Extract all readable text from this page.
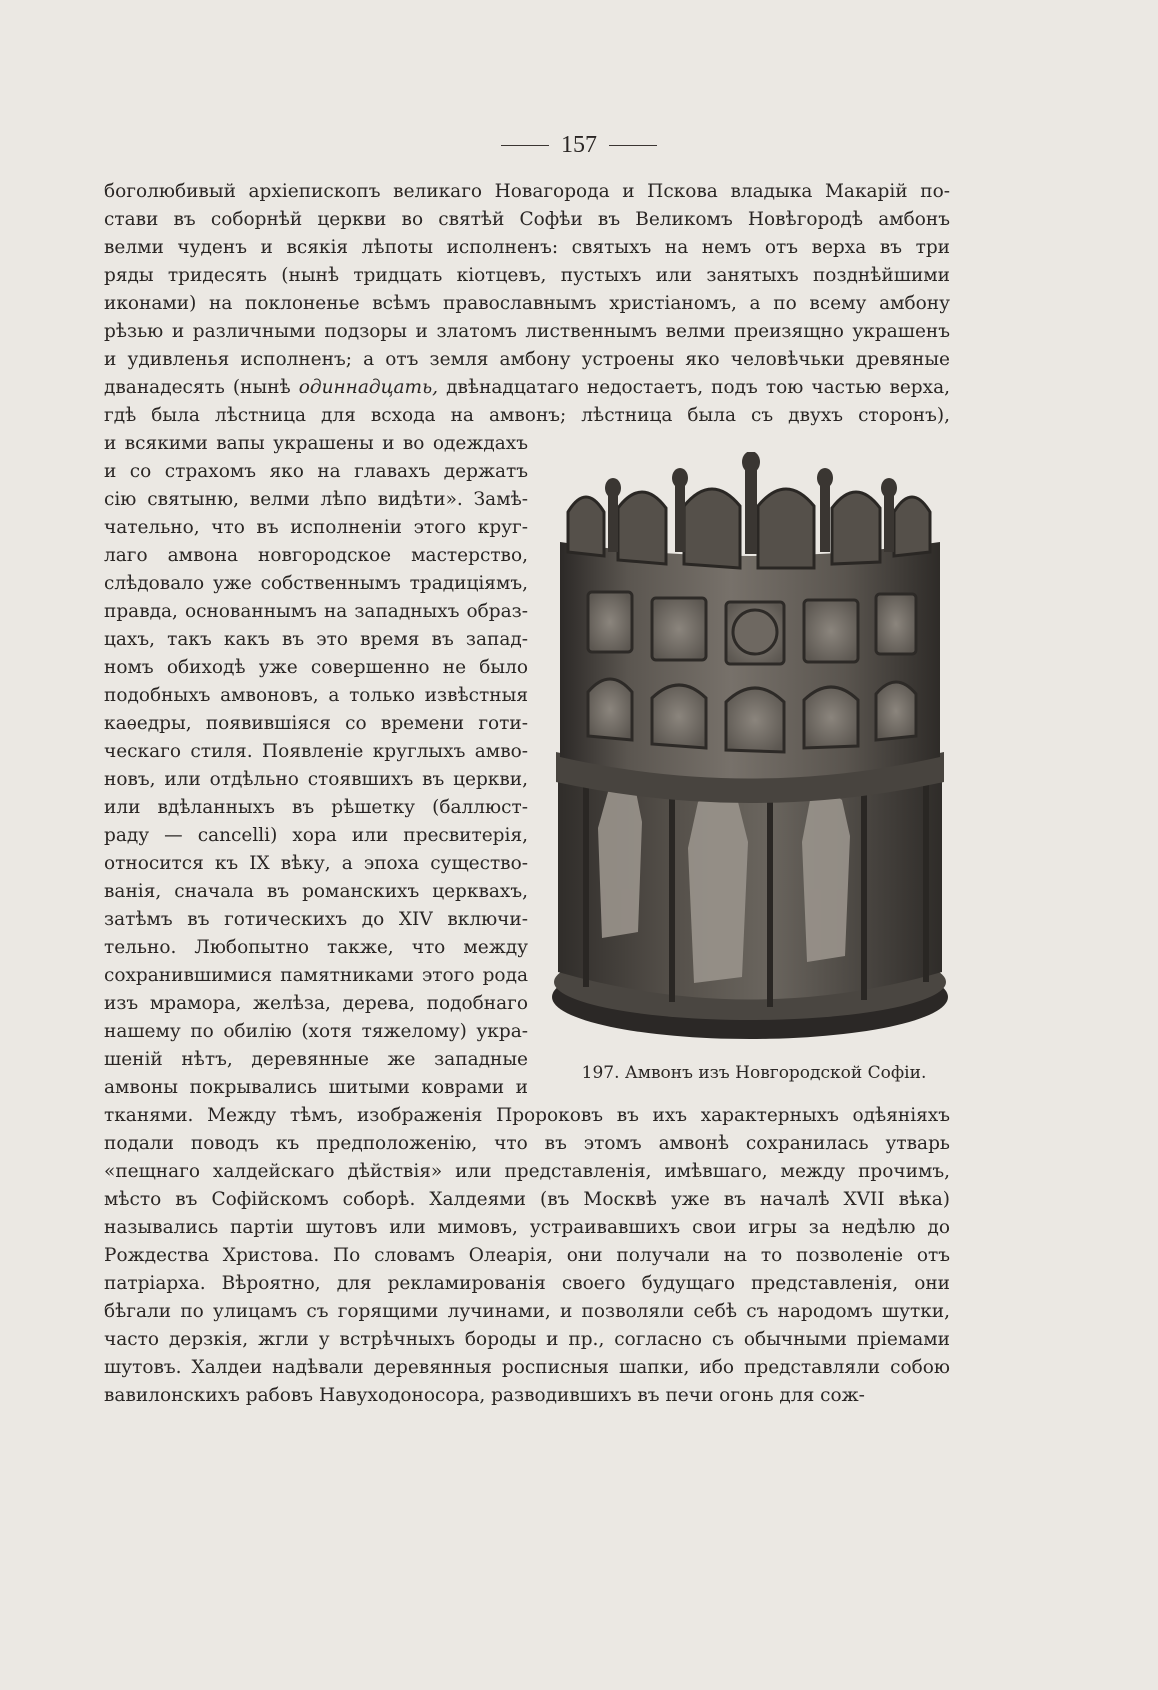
157
боголюбивый архіепископъ великаго Новагорода и Пскова владыка Макарій по-
стави въ соборнѣй церкви во святѣй Софѣи въ Великомъ Новѣгородѣ амбонъ
велми чуденъ и всякія лѣпоты исполненъ: святыхъ на немъ отъ верха въ три
ряды тридесять (нынѣ тридцать кіотцевъ, пустыхъ или занятыхъ позднѣйшими
иконами) на поклоненье всѣмъ православнымъ христіаномъ, а по всему амбону
рѣзью и различными подзоры и златомъ лиственнымъ велми преизящно украшенъ
и удивленья исполненъ; а отъ земля амбону устроены яко человѣчьки древяные
дванадесять (нынѣ одиннадцать, двѣнадцатаго недостаетъ, подъ тою частью верха,
гдѣ была лѣстница для всхода на амвонъ; лѣстница была съ двухъ сторонъ),
и всякими вапы украшены и во одеждахъ
и со страхомъ яко на главахъ держатъ
сію святыню, велми лѣпо видѣти». Замѣ-
чательно, что въ исполненіи этого круг-
лаго амвона новгородское мастерство,
слѣдовало уже собственнымъ традиціямъ,
правда, основаннымъ на западныхъ образ-
цахъ, такъ какъ въ это время въ запад-
номъ обиходѣ уже совершенно не было
подобныхъ амвоновъ, а только извѣстныя
каѳедры, появившіяся со времени готи-
ческаго стиля. Появленіе круглыхъ амво-
новъ, или отдѣльно стоявшихъ въ церкви,
или вдѣланныхъ въ рѣшетку (баллюст-
раду — cancelli) хора или пресвитерія,
относится къ IX вѣку, а эпоха существо-
ванія, сначала въ романскихъ церквахъ,
затѣмъ въ готическихъ до XIV включи-
тельно. Любопытно также, что между
сохранившимися памятниками этого рода
изъ мрамора, желѣза, дерева, подобнаго
нашему по обилію (хотя тяжелому) укра-
шеній нѣтъ, деревянные же западные
амвоны покрывались шитыми коврами и
тканями. Между тѣмъ, изображенія Пророковъ въ ихъ характерныхъ одѣяніяхъ
подали поводъ къ предположенію, что въ этомъ амвонѣ сохранилась утварь
«пещнаго халдейскаго дѣйствія» или представленія, имѣвшаго, между прочимъ,
мѣсто въ Софійскомъ соборѣ. Халдеями (въ Москвѣ уже въ началѣ XVII вѣка)
назывались партіи шутовъ или мимовъ, устраивавшихъ свои игры за недѣлю до
Рождества Христова. По словамъ Олеарія, они получали на то позволеніе отъ
патріарха. Вѣроятно, для рекламированія своего будущаго представленія, они
бѣгали по улицамъ съ горящими лучинами, и позволяли себѣ съ народомъ шутки,
часто дерзкія, жгли у встрѣчныхъ бороды и пр., согласно съ обычными пріемами
шутовъ. Халдеи надѣвали деревянныя росписныя шапки, ибо представляли собою
вавилонскихъ рабовъ Навуходоносора, разводившихъ въ печи огонь для сож-
197. Амвонъ изъ Новгородской Софіи.
